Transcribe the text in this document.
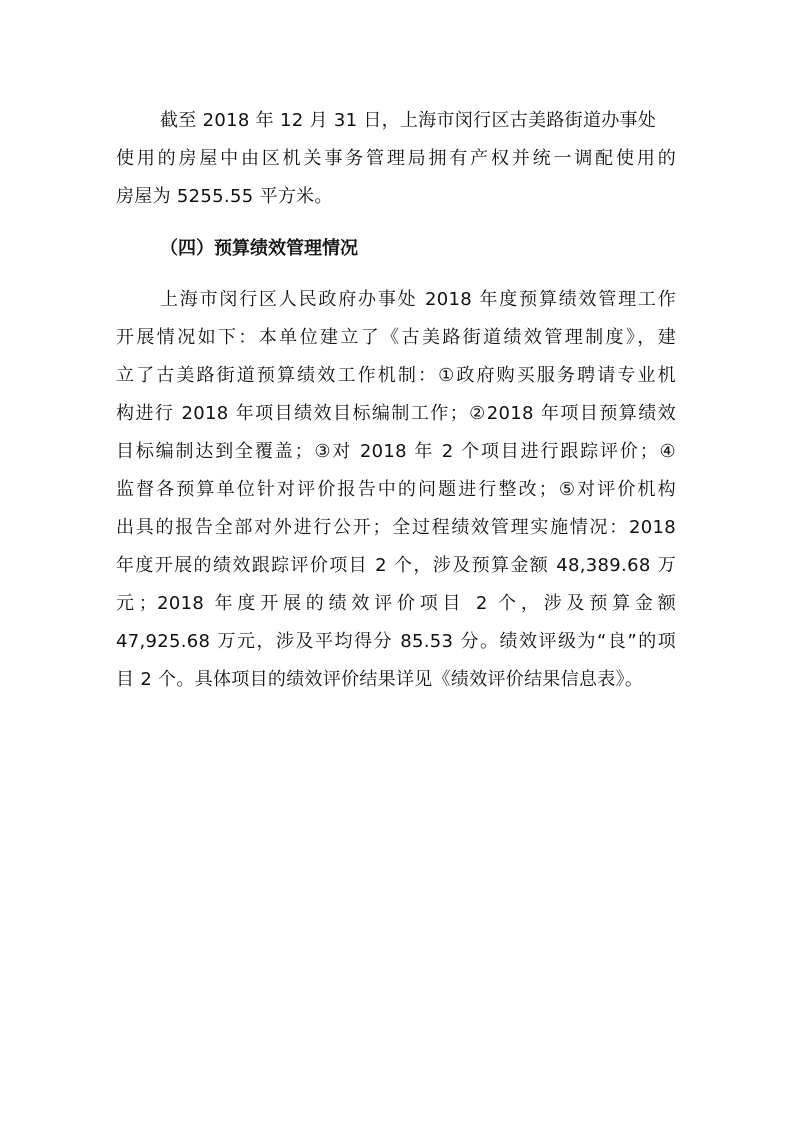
截至 2018 年 12 月 31 日，上海市闵行区古美路街道办事处
使用的房屋中由区机关事务管理局拥有产权并统一调配使用的
房屋为 5255.55 平方米。
（四）预算绩效管理情况
上海市闵行区人民政府办事处 2018 年度预算绩效管理工作
开展情况如下：本单位建立了《古美路街道绩效管理制度》，建
立了古美路街道预算绩效工作机制：①政府购买服务聘请专业机
构进行 2018 年项目绩效目标编制工作；②2018 年项目预算绩效
目标编制达到全覆盖；③对 2018 年 2 个项目进行跟踪评价；④
监督各预算单位针对评价报告中的问题进行整改；⑤对评价机构
出具的报告全部对外进行公开；全过程绩效管理实施情况：2018
年度开展的绩效跟踪评价项目 2 个，涉及预算金额 48,389.68 万
元；2018 年度开展的绩效评价项目 2 个，涉及预算金额
47,925.68 万元，涉及平均得分 85.53 分。绩效评级为“良”的项
目 2 个。具体项目的绩效评价结果详见《绩效评价结果信息表》。
